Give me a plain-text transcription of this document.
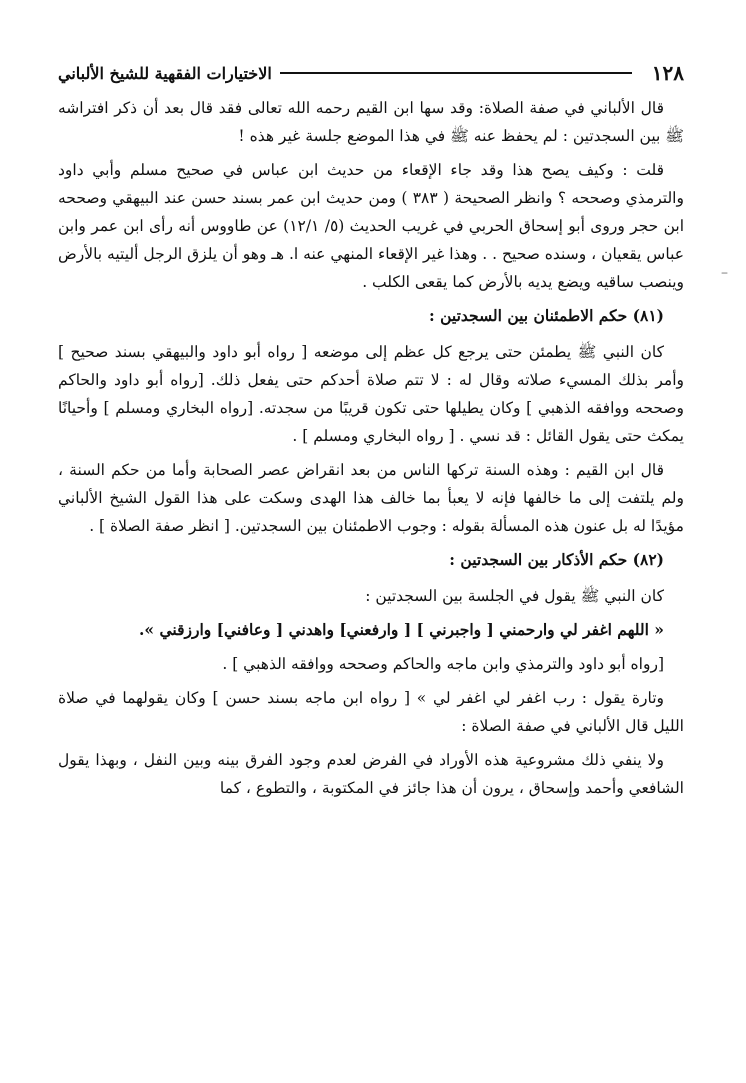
١٢٨
الاختيارات الفقهية للشيخ الألباني

قال الألباني في صفة الصلاة: وقد سها ابن القيم رحمه الله تعالى فقد قال بعد أن ذكر افتراشه ﷺ بين السجدتين : لم يحفظ عنه ﷺ في هذا الموضع جلسة غير هذه !

قلت : وكيف يصح هذا وقد جاء الإقعاء من حديث ابن عباس في صحيح مسلم وأبي داود والترمذي وصححه ؟ وانظر الصحيحة ( ٣٨٣ ) ومن حديث ابن عمر بسند حسن عند البيهقي وصححه ابن حجر وروى أبو إسحاق الحربي في غريب الحديث (٥/ ١٢/١) عن طاووس أنه رأى ابن عمر وابن عباس يقعيان ، وسنده صحيح . . وهذا غير الإقعاء المنهي عنه ا. هـ وهو أن يلزق الرجل أليتيه بالأرض وينصب ساقيه ويضع يديه بالأرض كما يقعى الكلب .

(٨١) حكم الاطمئنان بين السجدتين :

كان النبي ﷺ يطمئن حتى يرجع كل عظم إلى موضعه [ رواه أبو داود والبيهقي بسند صحيح ] وأمر بذلك المسيء صلاته وقال له : لا تتم صلاة أحدكم حتى يفعل ذلك. [رواه أبو داود والحاكم وصححه ووافقه الذهبي ] وكان يطيلها حتى تكون قريبًا من سجدته. [رواه البخاري ومسلم ] وأحيانًا يمكث حتى يقول القائل : قد نسي . [ رواه البخاري ومسلم ] .

قال ابن القيم : وهذه السنة تركها الناس من بعد انقراض عصر الصحابة وأما من حكم السنة ، ولم يلتفت إلى ما خالفها فإنه لا يعبأ بما خالف هذا الهدى وسكت على هذا القول الشيخ الألباني مؤيدًا له بل عنون هذه المسألة بقوله : وجوب الاطمئنان بين السجدتين. [ انظر صفة الصلاة ] .

(٨٢) حكم الأذكار بين السجدتين :

كان النبي ﷺ يقول في الجلسة بين السجدتين :

« اللهم اغفر لي وارحمني [ واجبرني ] [ وارفعني] واهدني [ وعافني] وارزقني ».

[رواه أبو داود والترمذي وابن ماجه والحاكم وصححه ووافقه الذهبي ] .

وتارة يقول : رب اغفر لي اغفر لي » [ رواه ابن ماجه بسند حسن ] وكان يقولهما في صلاة الليل قال الألباني في صفة الصلاة :

ولا ينفي ذلك مشروعية هذه الأوراد في الفرض لعدم وجود الفرق بينه وبين النفل ، وبهذا يقول الشافعي وأحمد وإسحاق ، يرون أن هذا جائز في المكتوبة ، والتطوع ، كما

–
